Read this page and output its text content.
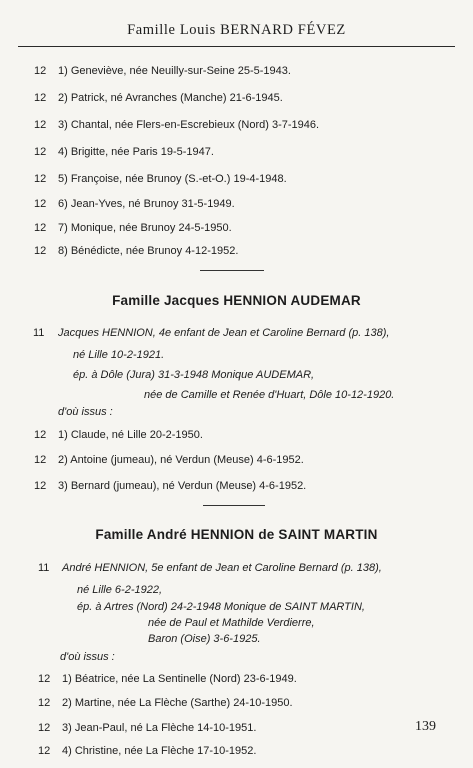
Famille Louis BERNARD FÉVEZ
12 1) Geneviève, née Neuilly-sur-Seine 25-5-1943.
12 2) Patrick, né Avranches (Manche) 21-6-1945.
12 3) Chantal, née Flers-en-Escrebieux (Nord) 3-7-1946.
12 4) Brigitte, née Paris 19-5-1947.
12 5) Françoise, née Brunoy (S.-et-O.) 19-4-1948.
12 6) Jean-Yves, né Brunoy 31-5-1949.
12 7) Monique, née Brunoy 24-5-1950.
12 8) Bénédicte, née Brunoy 4-12-1952.
Famille Jacques HENNION AUDEMAR
11 Jacques HENNION, 4e enfant de Jean et Caroline Bernard (p. 138),
né Lille 10-2-1921.
ép. à Dôle (Jura) 31-3-1948 Monique AUDEMAR,
née de Camille et Renée d'Huart, Dôle 10-12-1920.
d'où issus :
12 1) Claude, né Lille 20-2-1950.
12 2) Antoine (jumeau), né Verdun (Meuse) 4-6-1952.
12 3) Bernard (jumeau), né Verdun (Meuse) 4-6-1952.
Famille André HENNION de SAINT MARTIN
11 André HENNION, 5e enfant de Jean et Caroline Bernard (p. 138),
né Lille 6-2-1922,
ép. à Artres (Nord) 24-2-1948 Monique de SAINT MARTIN,
née de Paul et Mathilde Verdierre,
Baron (Oise) 3-6-1925.
d'où issus :
12 1) Béatrice, née La Sentinelle (Nord) 23-6-1949.
12 2) Martine, née La Flèche (Sarthe) 24-10-1950.
12 3) Jean-Paul, né La Flèche 14-10-1951.
12 4) Christine, née La Flèche 17-10-1952.
139
